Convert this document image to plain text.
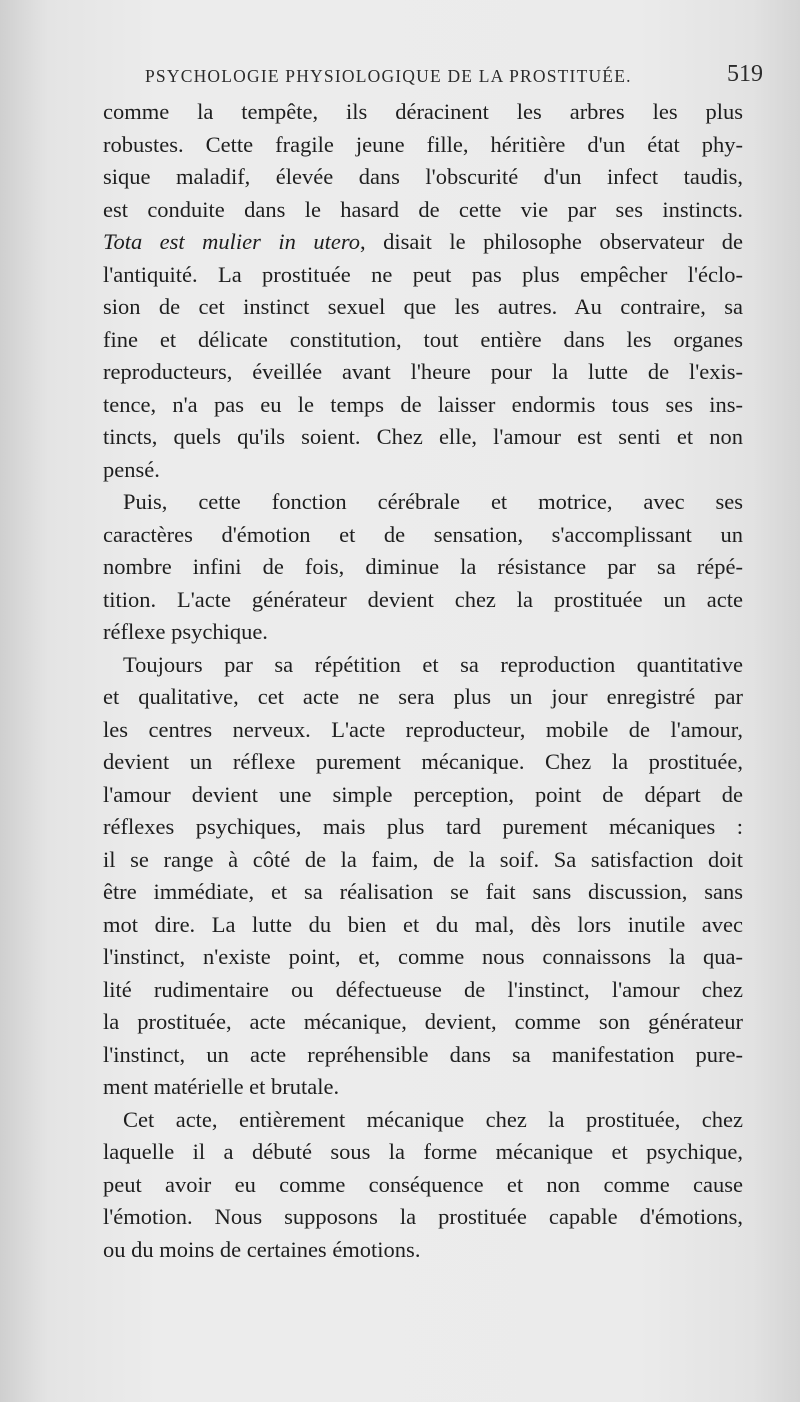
PSYCHOLOGIE PHYSIOLOGIQUE DE LA PROSTITUÉE.	519
comme la tempête, ils déracinent les arbres les plus
robustes. Cette fragile jeune fille, héritière d'un état phy-
sique maladif, élevée dans l'obscurité d'un infect taudis,
est conduite dans le hasard de cette vie par ses instincts.
Tota est mulier in utero, disait le philosophe observateur de
l'antiquité. La prostituée ne peut pas plus empêcher l'éclo-
sion de cet instinct sexuel que les autres. Au contraire, sa
fine et délicate constitution, tout entière dans les organes
reproducteurs, éveillée avant l'heure pour la lutte de l'exis-
tence, n'a pas eu le temps de laisser endormis tous ses ins-
tincts, quels qu'ils soient. Chez elle, l'amour est senti et non
pensé.
Puis, cette fonction cérébrale et motrice, avec ses
caractères d'émotion et de sensation, s'accomplissant un
nombre infini de fois, diminue la résistance par sa répé-
tition. L'acte générateur devient chez la prostituée un acte
réflexe psychique.
Toujours par sa répétition et sa reproduction quantitative
et qualitative, cet acte ne sera plus un jour enregistré par
les centres nerveux. L'acte reproducteur, mobile de l'amour,
devient un réflexe purement mécanique. Chez la prostituée,
l'amour devient une simple perception, point de départ de
réflexes psychiques, mais plus tard purement mécaniques :
il se range à côté de la faim, de la soif. Sa satisfaction doit
être immédiate, et sa réalisation se fait sans discussion, sans
mot dire. La lutte du bien et du mal, dès lors inutile avec
l'instinct, n'existe point, et, comme nous connaissons la qua-
lité rudimentaire ou défectueuse de l'instinct, l'amour chez
la prostituée, acte mécanique, devient, comme son générateur
l'instinct, un acte repréhensible dans sa manifestation pure-
ment matérielle et brutale.
Cet acte, entièrement mécanique chez la prostituée, chez
laquelle il a débuté sous la forme mécanique et psychique,
peut avoir eu comme conséquence et non comme cause
l'émotion. Nous supposons la prostituée capable d'émotions,
ou du moins de certaines émotions.
